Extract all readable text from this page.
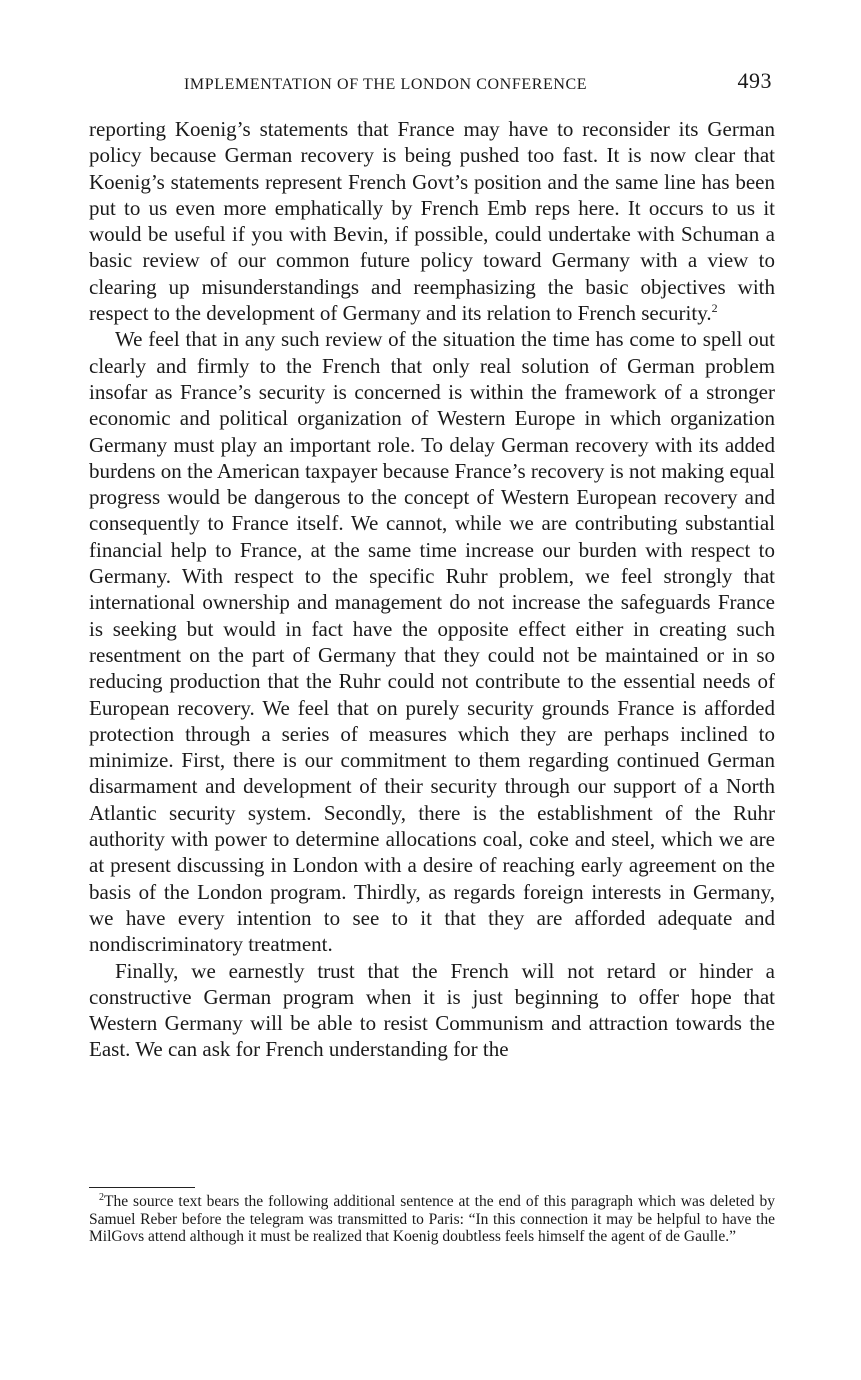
IMPLEMENTATION OF THE LONDON CONFERENCE	493

reporting Koenig’s statements that France may have to reconsider its German policy because German recovery is being pushed too fast. It is now clear that Koenig’s statements represent French Govt’s position and the same line has been put to us even more emphatically by French Emb reps here. It occurs to us it would be useful if you with Bevin, if possible, could undertake with Schuman a basic review of our common future policy toward Germany with a view to clearing up misunderstandings and reemphasizing the basic objectives with respect to the development of Germany and its relation to French security.$^2$

We feel that in any such review of the situation the time has come to spell out clearly and firmly to the French that only real solution of German problem insofar as France’s security is concerned is within the framework of a stronger economic and political organization of Western Europe in which organization Germany must play an important role. To delay German recovery with its added burdens on the American taxpayer because France’s recovery is not making equal progress would be dangerous to the concept of Western European recovery and consequently to France itself. We cannot, while we are contributing substantial financial help to France, at the same time increase our burden with respect to Germany. With respect to the specific Ruhr problem, we feel strongly that international ownership and management do not increase the safeguards France is seeking but would in fact have the opposite effect either in creating such resentment on the part of Germany that they could not be maintained or in so reducing production that the Ruhr could not contribute to the essential needs of European recovery. We feel that on purely security grounds France is afforded protection through a series of measures which they are perhaps inclined to minimize. First, there is our commitment to them regarding continued German disarmament and development of their security through our support of a North Atlantic security system. Secondly, there is the establishment of the Ruhr authority with power to determine allocations coal, coke and steel, which we are at present discussing in London with a desire of reaching early agreement on the basis of the London program. Thirdly, as regards foreign interests in Germany, we have every intention to see to it that they are afforded adequate and nondiscriminatory treatment.

Finally, we earnestly trust that the French will not retard or hinder a constructive German program when it is just beginning to offer hope that Western Germany will be able to resist Communism and attraction towards the East. We can ask for French understanding for the

$^2$The source text bears the following additional sentence at the end of this paragraph which was deleted by Samuel Reber before the telegram was transmitted to Paris: “In this connection it may be helpful to have the MilGovs attend although it must be realized that Koenig doubtless feels himself the agent of de Gaulle.”
